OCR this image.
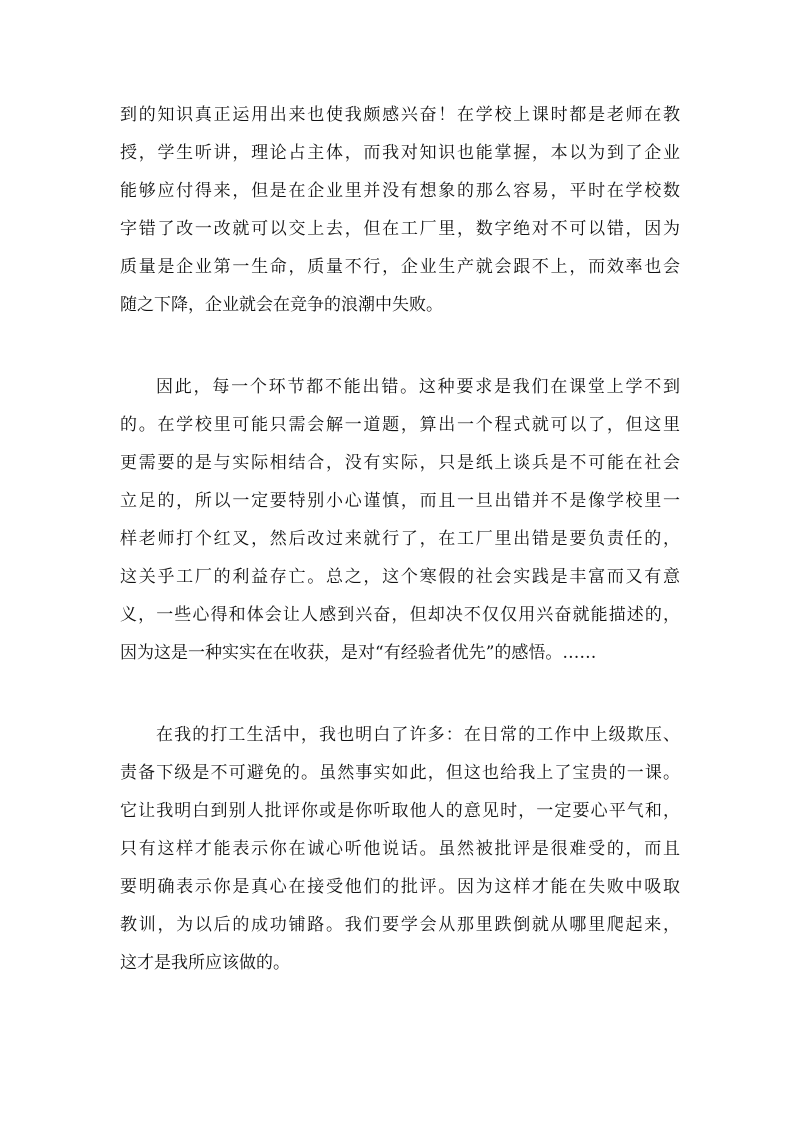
到的知识真正运用出来也使我颇感兴奋！在学校上课时都是老师在教
授，学生听讲，理论占主体，而我对知识也能掌握，本以为到了企业
能够应付得来，但是在企业里并没有想象的那么容易，平时在学校数
字错了改一改就可以交上去，但在工厂里，数字绝对不可以错，因为
质量是企业第一生命，质量不行，企业生产就会跟不上，而效率也会
随之下降，企业就会在竞争的浪潮中失败。
因此，每一个环节都不能出错。这种要求是我们在课堂上学不到
的。在学校里可能只需会解一道题，算出一个程式就可以了，但这里
更需要的是与实际相结合，没有实际，只是纸上谈兵是不可能在社会
立足的，所以一定要特别小心谨慎，而且一旦出错并不是像学校里一
样老师打个红叉，然后改过来就行了，在工厂里出错是要负责任的，
这关乎工厂的利益存亡。总之，这个寒假的社会实践是丰富而又有意
义，一些心得和体会让人感到兴奋，但却决不仅仅用兴奋就能描述的，
因为这是一种实实在在收获，是对“有经验者优先”的感悟。……
在我的打工生活中，我也明白了许多：在日常的工作中上级欺压、
责备下级是不可避免的。虽然事实如此，但这也给我上了宝贵的一课。
它让我明白到别人批评你或是你听取他人的意见时，一定要心平气和，
只有这样才能表示你在诚心听他说话。虽然被批评是很难受的，而且
要明确表示你是真心在接受他们的批评。因为这样才能在失败中吸取
教训，为以后的成功铺路。我们要学会从那里跌倒就从哪里爬起来，
这才是我所应该做的。
